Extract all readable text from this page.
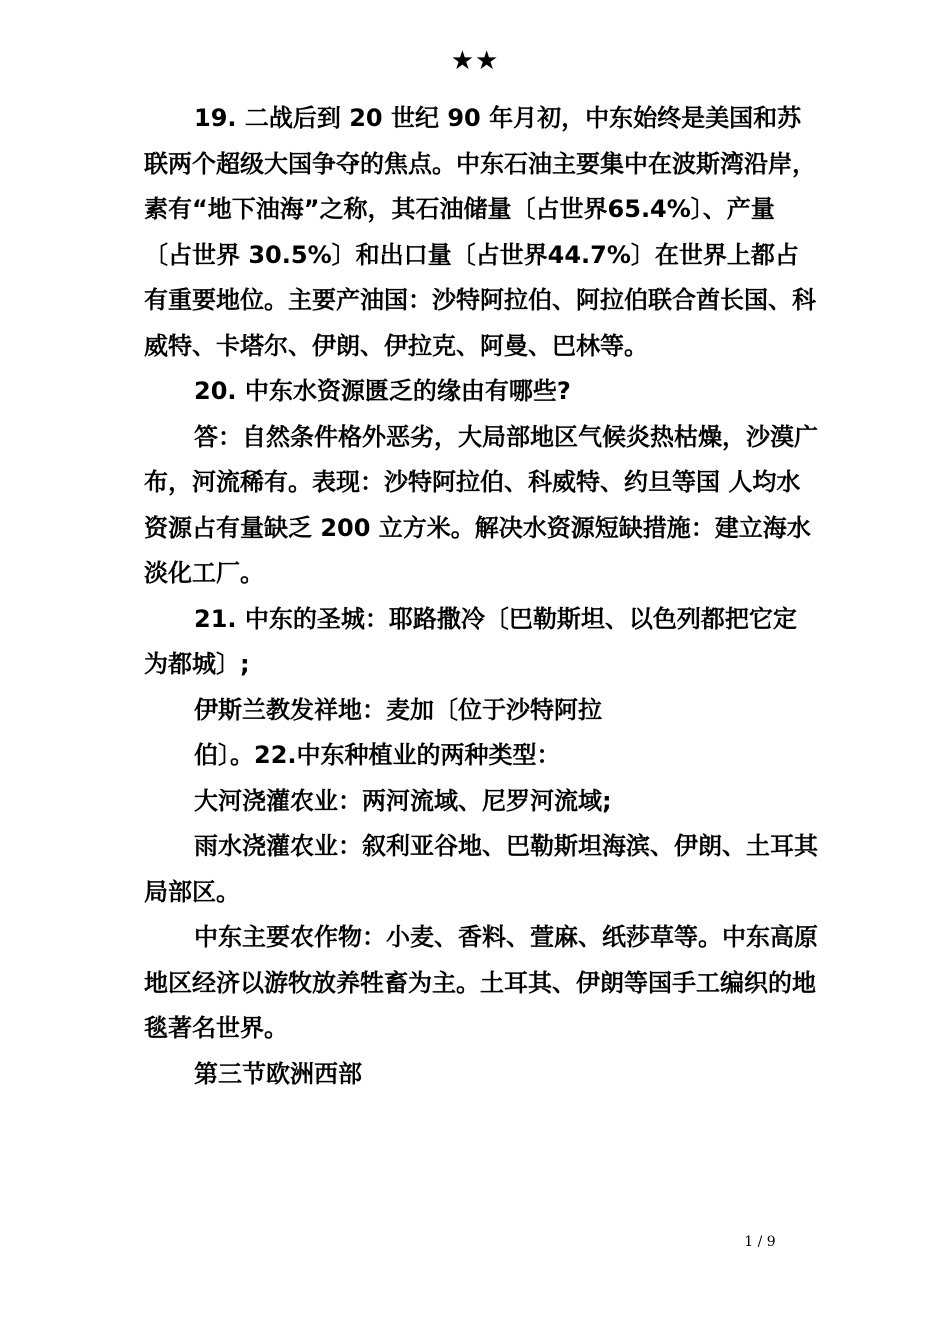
★★

19. 二战后到 20 世纪 90 年月初，中东始终是美国和苏联两个超级大国争夺的焦点。中东石油主要集中在波斯湾沿岸，素有“地下油海”之称，其石油储量〔占世界65.4%〕、产量〔占世界 30.5%〕和出口量〔占世界44.7%〕在世界上都占有重要地位。主要产油国：沙特阿拉伯、阿拉伯联合酋长国、科威特、卡塔尔、伊朗、伊拉克、阿曼、巴林等。

20. 中东水资源匮乏的缘由有哪些?

答：自然条件格外恶劣，大局部地区气候炎热枯燥，沙漠广布，河流稀有。表现：沙特阿拉伯、科威特、约旦等国 人均水资源占有量缺乏 200 立方米。解决水资源短缺措施：建立海水淡化工厂。

21. 中东的圣城：耶路撒冷〔巴勒斯坦、以色列都把它定为都城〕;

伊斯兰教发祥地：麦加〔位于沙特阿拉

伯〕。22.中东种植业的两种类型：

大河浇灌农业：两河流域、尼罗河流域;

雨水浇灌农业：叙利亚谷地、巴勒斯坦海滨、伊朗、土耳其局部区。

中东主要农作物：小麦、香料、萱麻、纸莎草等。中东高原地区经济以游牧放养牲畜为主。土耳其、伊朗等国手工编织的地毯著名世界。

第三节欧洲西部

1 / 9
